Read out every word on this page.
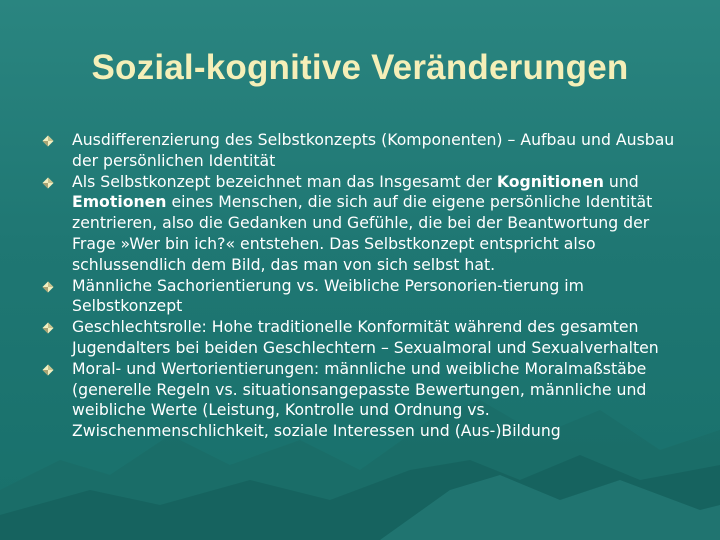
Sozial-kognitive Veränderungen
Ausdifferenzierung des Selbstkonzepts (Komponenten) – Aufbau und Ausbau der persönlichen Identität
Als Selbstkonzept bezeichnet man das Insgesamt der Kognitionen und Emotionen eines Menschen, die sich auf die eigene persönliche Identität zentrieren, also die Gedanken und Gefühle, die bei der Beantwortung der Frage »Wer bin ich?« entstehen. Das Selbstkonzept entspricht also schlussendlich dem Bild, das man von sich selbst hat.
Männliche Sachorientierung vs. Weibliche Personorien-tierung im Selbstkonzept
Geschlechtsrolle: Hohe traditionelle Konformität während des gesamten Jugendalters bei beiden Geschlechtern – Sexualmoral und Sexualverhalten
Moral- und Wertorientierungen: männliche und weibliche Moralmaßstäbe (generelle Regeln vs. situationsangepasste Bewertungen, männliche und weibliche Werte (Leistung, Kontrolle und Ordnung vs. Zwischenmenschlichkeit, soziale Interessen und (Aus-)Bildung
